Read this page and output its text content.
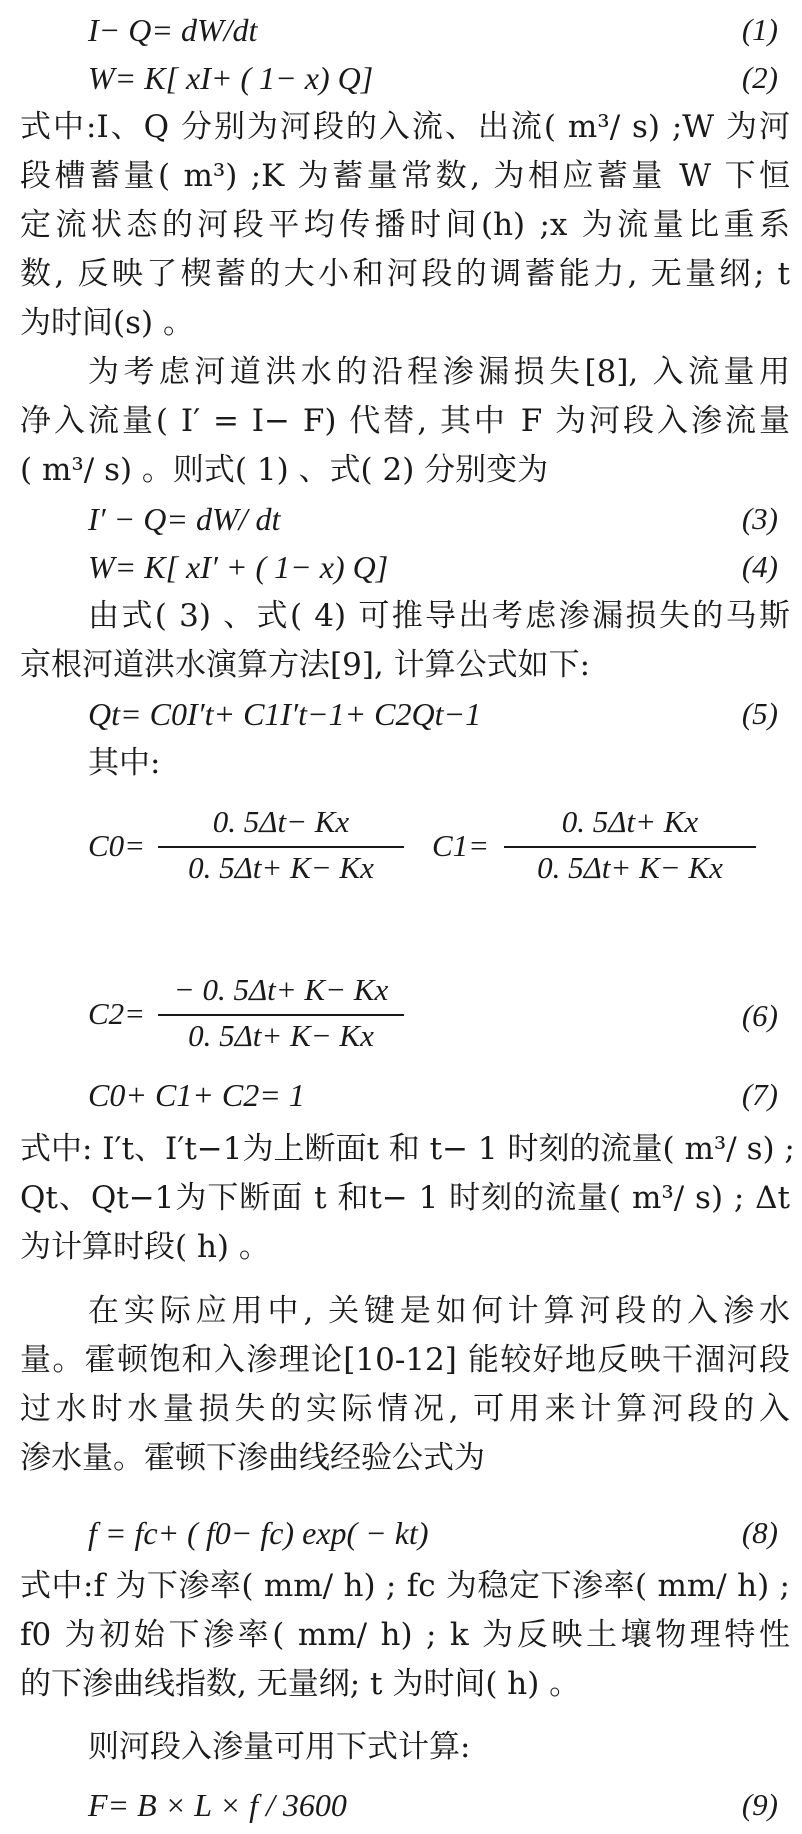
I− Q= dW/dt	(1)
W= K[ xI+ ( 1− x) Q]	(2)
式中:I、Q 分别为河段的入流、出流( m³/ s) ;W 为河
段槽蓄量( m³) ;K 为蓄量常数, 为相应蓄量 W 下恒
定流状态的河段平均传播时间(h) ;x 为流量比重系
数, 反映了楔蓄的大小和河段的调蓄能力, 无量纲; t
为时间(s) 。
为考虑河道洪水的沿程渗漏损失[8], 入流量用
净入流量( I′ = I− F) 代替, 其中 F 为河段入渗流量
( m³/ s) 。则式( 1) 、式( 2) 分别变为
I′ − Q= dW/ dt	(3)
W= K[ xI′ + ( 1− x) Q]	(4)
由式( 3) 、式( 4) 可推导出考虑渗漏损失的马斯
京根河道洪水演算方法[9], 计算公式如下:
Qt= C0I′t+ C1I′t−1+ C2Qt−1	(5)
其中:
C0=
0. 5Δt− Kx
0. 5Δt+ K− Kx
C1=
0. 5Δt+ Kx
0. 5Δt+ K− Kx
C2=
− 0. 5Δt+ K− Kx
0. 5Δt+ K− Kx
(6)
C0+ C1+ C2= 1	(7)
式中: I′t、I′t−1为上断面t 和 t− 1 时刻的流量( m³/ s) ;
Qt、Qt−1为下断面 t 和t− 1 时刻的流量( m³/ s) ; Δt
为计算时段( h) 。
在实际应用中, 关键是如何计算河段的入渗水
量。霍顿饱和入渗理论[10-12] 能较好地反映干涸河段
过水时水量损失的实际情况, 可用来计算河段的入
渗水量。霍顿下渗曲线经验公式为
f = fc+ ( f0− fc) exp( − kt)	(8)
式中:f 为下渗率( mm/ h) ; fc 为稳定下渗率( mm/ h) ;
f0 为初始下渗率( mm/ h) ; k 为反映土壤物理特性
的下渗曲线指数, 无量纲; t 为时间( h) 。
则河段入渗量可用下式计算:
F= B × L × f / 3600	(9)
